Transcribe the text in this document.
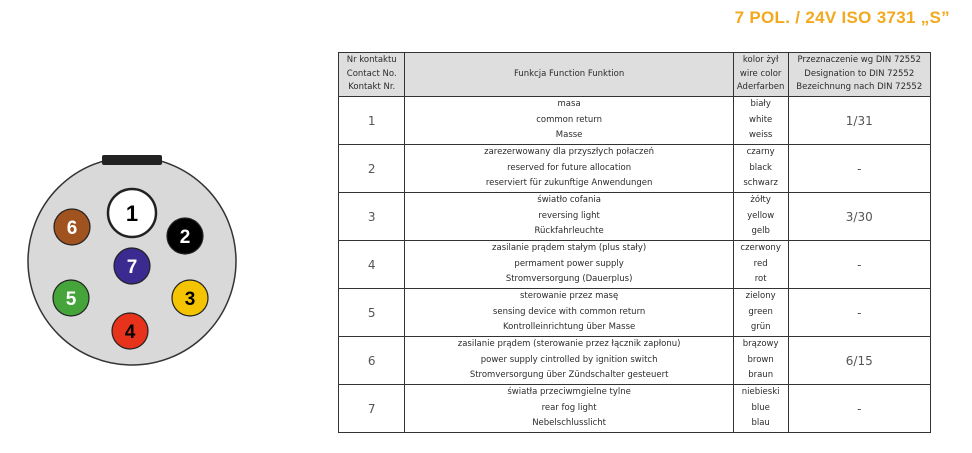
7 POL. / 24V ISO 3731 „S”
1
2
3
4
5
6
7
Nr kontaktu
Contact No.
Kontakt Nr.	Funkcja Function Funktion	kolor żył
wire color
Aderfarben	Przeznaczenie wg DIN 72552
Designation to DIN 72552
Bezeichnung nach DIN 72552

1	masa
common return
Masse	biały
white
weiss	1/31
2	zarezerwowany dla przyszłych połaczeń
reserved for future allocation
reserviert für zukunftige Anwendungen	czarny
black
schwarz	-
3	światło cofania
reversing light
Rückfahrleuchte	żółty
yellow
gelb	3/30
4	zasilanie prądem stałym (plus stały)
permament power supply
Stromversorgung (Dauerplus)	czerwony
red
rot	-
5	sterowanie przez masę
sensing device with common return
Kontrolleinrichtung über Masse	zielony
green
grün	-
6	zasilanie prądem (sterowanie przez łącznik zapłonu)
power supply cintrolled by ignition switch
Stromversorgung über Zündschalter gesteuert	brązowy
brown
braun	6/15
7	światła przeciwmgielne tylne
rear fog light
Nebelschlusslicht	niebieski
blue
blau	-
